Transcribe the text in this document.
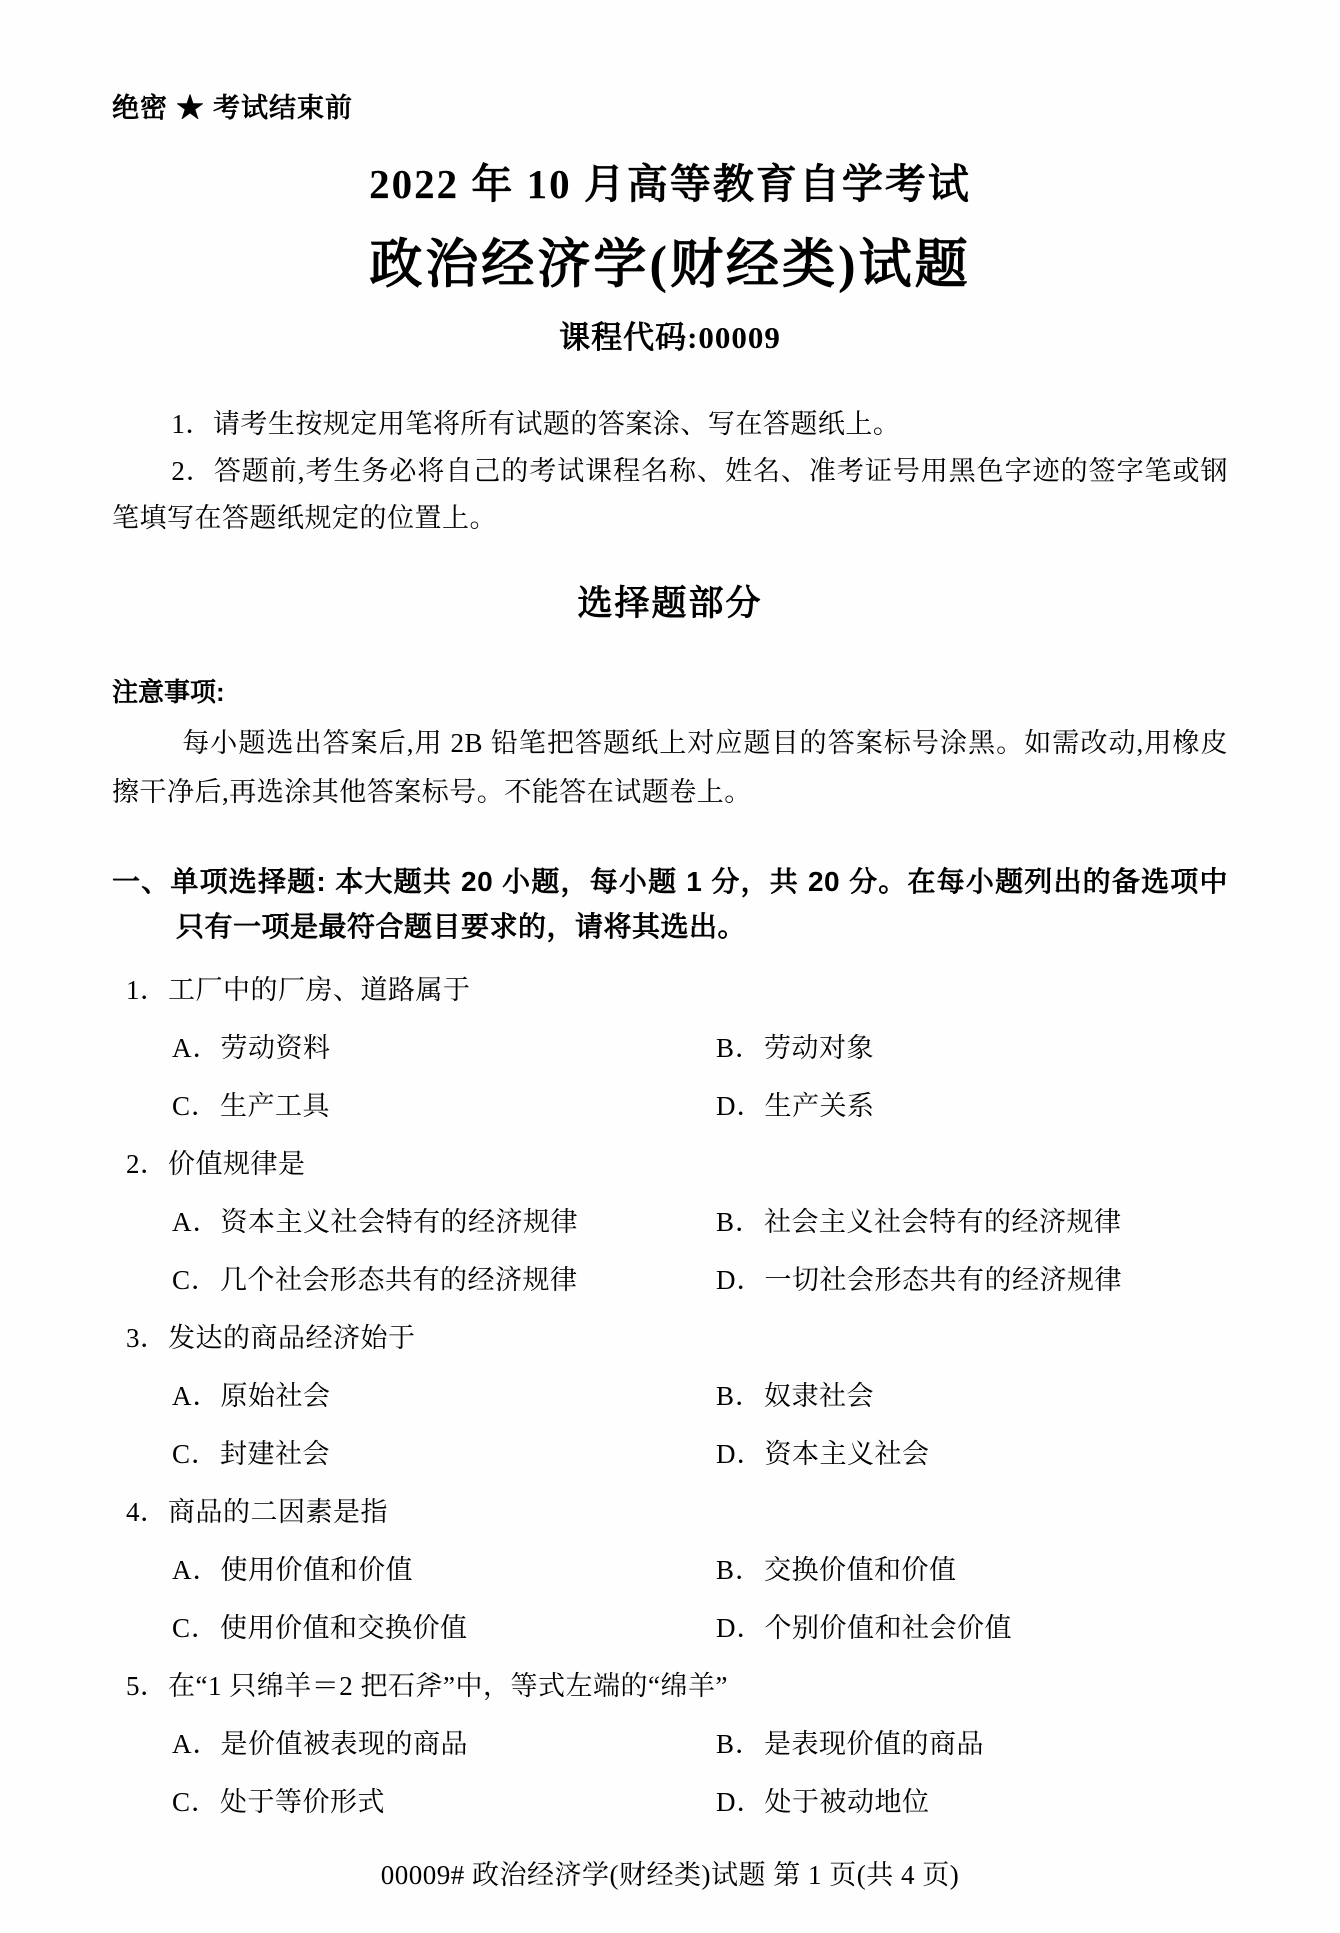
绝密 ★ 考试结束前
2022 年 10 月高等教育自学考试
政治经济学(财经类)试题
课程代码:00009

1．请考生按规定用笔将所有试题的答案涂、写在答题纸上。

2．答题前,考生务必将自己的考试课程名称、姓名、准考证号用黑色字迹的签字笔或钢笔填写在答题纸规定的位置上。

选择题部分
注意事项:

每小题选出答案后,用 2B 铅笔把答题纸上对应题目的答案标号涂黑。如需改动,用橡皮擦干净后,再选涂其他答案标号。不能答在试题卷上。

一、单项选择题: 本大题共 20 小题，每小题 1 分，共 20 分。在每小题列出的备选项中只有一项是最符合题目要求的，请将其选出。
1．工厂中的厂房、道路属于
A．劳动资料	B．劳动对象
C．生产工具	D．生产关系
2．价值规律是
A．资本主义社会特有的经济规律	B．社会主义社会特有的经济规律
C．几个社会形态共有的经济规律	D．一切社会形态共有的经济规律
3．发达的商品经济始于
A．原始社会	B．奴隶社会
C．封建社会	D．资本主义社会
4．商品的二因素是指
A．使用价值和价值	B．交换价值和价值
C．使用价值和交换价值	D．个别价值和社会价值
5．在“1 只绵羊＝2 把石斧”中，等式左端的“绵羊”
A．是价值被表现的商品	B．是表现价值的商品
C．处于等价形式	D．处于被动地位
00009# 政治经济学(财经类)试题 第 1 页(共 4 页)
